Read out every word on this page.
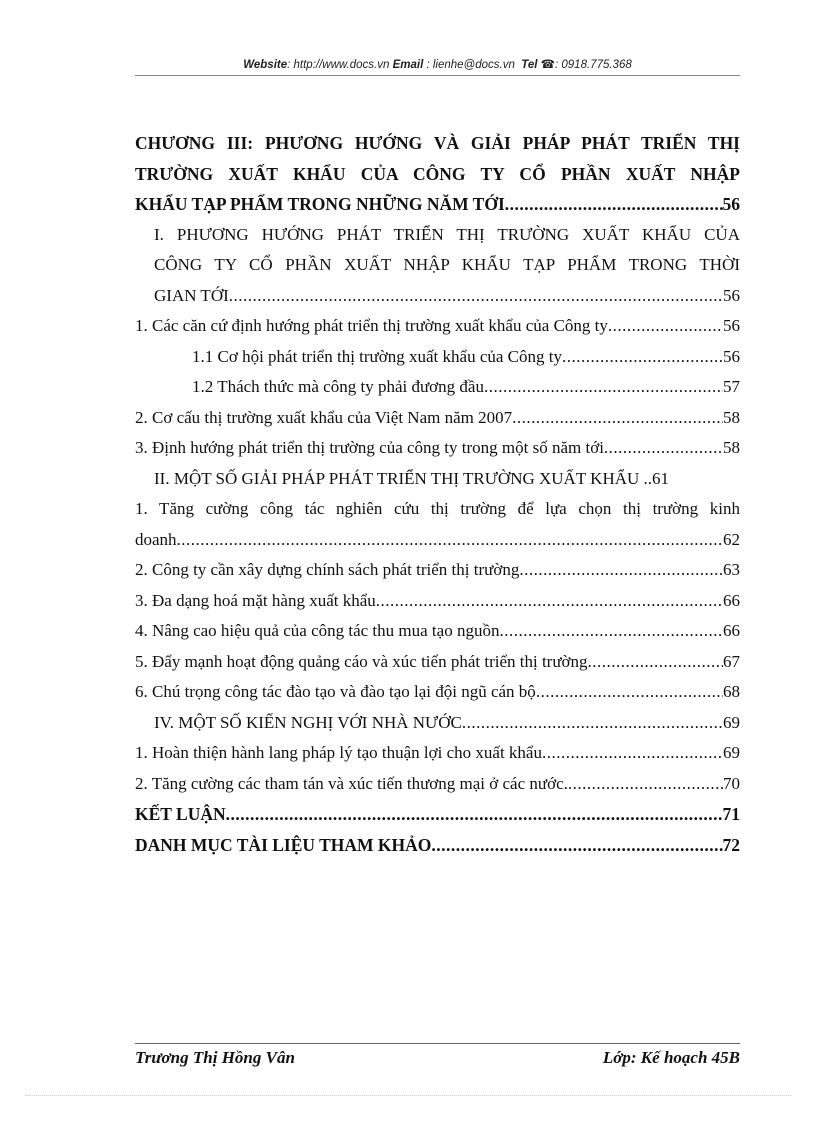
Website: http://www.docs.vn Email : lienhe@docs.vn  Tel ☎: 0918.775.368
CHƯƠNG III: PHƯƠNG HƯỚNG VÀ GIẢI PHÁP PHÁT TRIỂN THỊ
TRƯỜNG XUẤT KHẨU CỦA CÔNG TY CỔ PHẦN XUẤT NHẬP
KHẨU TẠP PHẨM TRONG NHỮNG NĂM TỚI .....	56
I. PHƯƠNG HƯỚNG PHÁT TRIỂN THỊ TRƯỜNG XUẤT KHẨU CỦA
CÔNG TY CỔ PHẦN XUẤT NHẬP KHẨU TẠP PHẨM TRONG THỜI
GIAN TỚI .....	56
1. Các căn cứ định hướng phát triển thị trường xuất khẩu của Công ty .....	56
1.1 Cơ hội phát triển thị trường xuất khẩu của Công ty .....	56
1.2 Thách thức mà công ty phải đương đầu .....	57
2. Cơ cấu thị trường xuất khẩu của Việt Nam năm 2007 .....	58
3. Định hướng phát triển thị trường của công ty trong một số năm tới .....	58
II. MỘT SỐ GIẢI PHÁP PHÁT TRIỂN THỊ TRƯỜNG XUẤT KHẨU .. 61
1. Tăng cường công tác nghiên cứu thị trường để lựa chọn thị trường kinh
doanh .....	62
2. Công ty cần xây dựng chính sách phát triển thị trường .....	63
3. Đa dạng hoá mặt hàng xuất khẩu .....	66
4. Nâng cao hiệu quả của công tác thu mua tạo nguồn .....	66
5. Đẩy mạnh hoạt động quảng cáo và xúc tiến phát triển thị trường .....	67
6. Chú trọng công tác đào tạo và đào tạo lại đội ngũ cán bộ .....	68
IV. MỘT SỐ KIẾN NGHỊ VỚI NHÀ NƯỚC .....	69
1. Hoàn thiện hành lang pháp lý tạo thuận lợi cho xuất khẩu .....	69
2. Tăng cường các tham tán và xúc tiến thương mại ở các nước. .....	70
KẾT LUẬN .....	71
DANH MỤC TÀI LIỆU THAM KHẢO .....	72
Trương Thị Hồng Vân	Lớp: Kế hoạch 45B
